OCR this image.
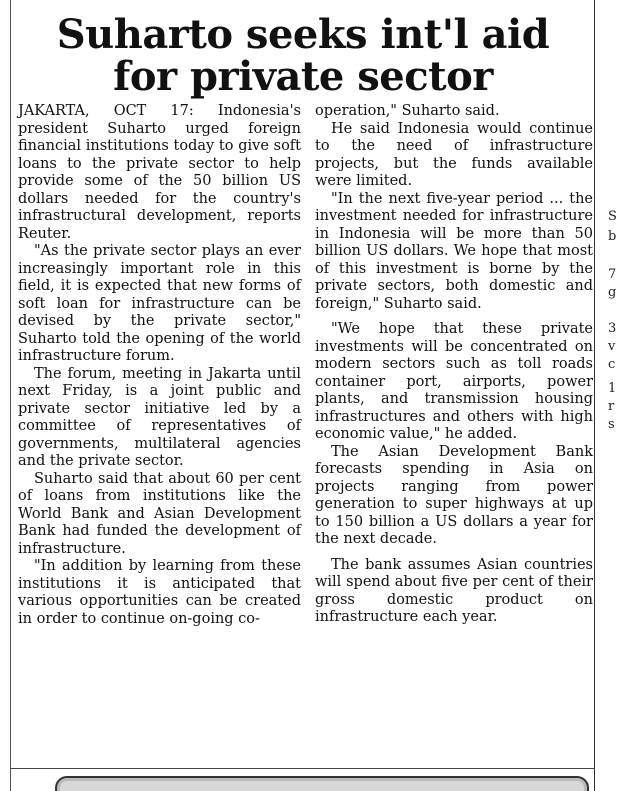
Suharto seeks int'l aid
for private sector

JAKARTA, OCT 17: Indonesia's president Suharto urged foreign financial institutions today to give soft loans to the private sector to help provide some of the 50 billion US dollars needed for the country's infrastructural development, reports Reuter.

"As the private sector plays an ever increasingly important role in this field, it is expected that new forms of soft loan for infrastructure can be devised by the private sector," Suharto told the opening of the world infrastructure forum.

The forum, meeting in Jakarta until next Friday, is a joint public and private sector initiative led by a committee of representatives of governments, multilateral agencies and the private sector.

Suharto said that about 60 per cent of loans from institutions like the World Bank and Asian Development Bank had funded the development of infrastructure.

"In addition by learning from these institutions it is anticipated that various opportunities can be created in order to continue on-going co-

operation," Suharto said.

He said Indonesia would continue to the need of infrastructure projects, but the funds available were limited.

"In the next five-year period ... the investment needed for infrastructure in Indonesia will be more than 50 billion US dollars. We hope that most of this investment is borne by the private sectors, both domestic and foreign," Suharto said.

"We hope that these private investments will be concentrated on modern sectors such as toll roads container port, airports, power plants, and transmission housing infrastructures and others with high economic value," he added.

The Asian Development Bank forecasts spending in Asia on projects ranging from power generation to super highways at up to 150 billion a US dollars a year for the next decade.

The bank assumes Asian countries will spend about five per cent of their gross domestic product on infrastructure each year.

S
b
7
g
3
v
c
1
r
s
